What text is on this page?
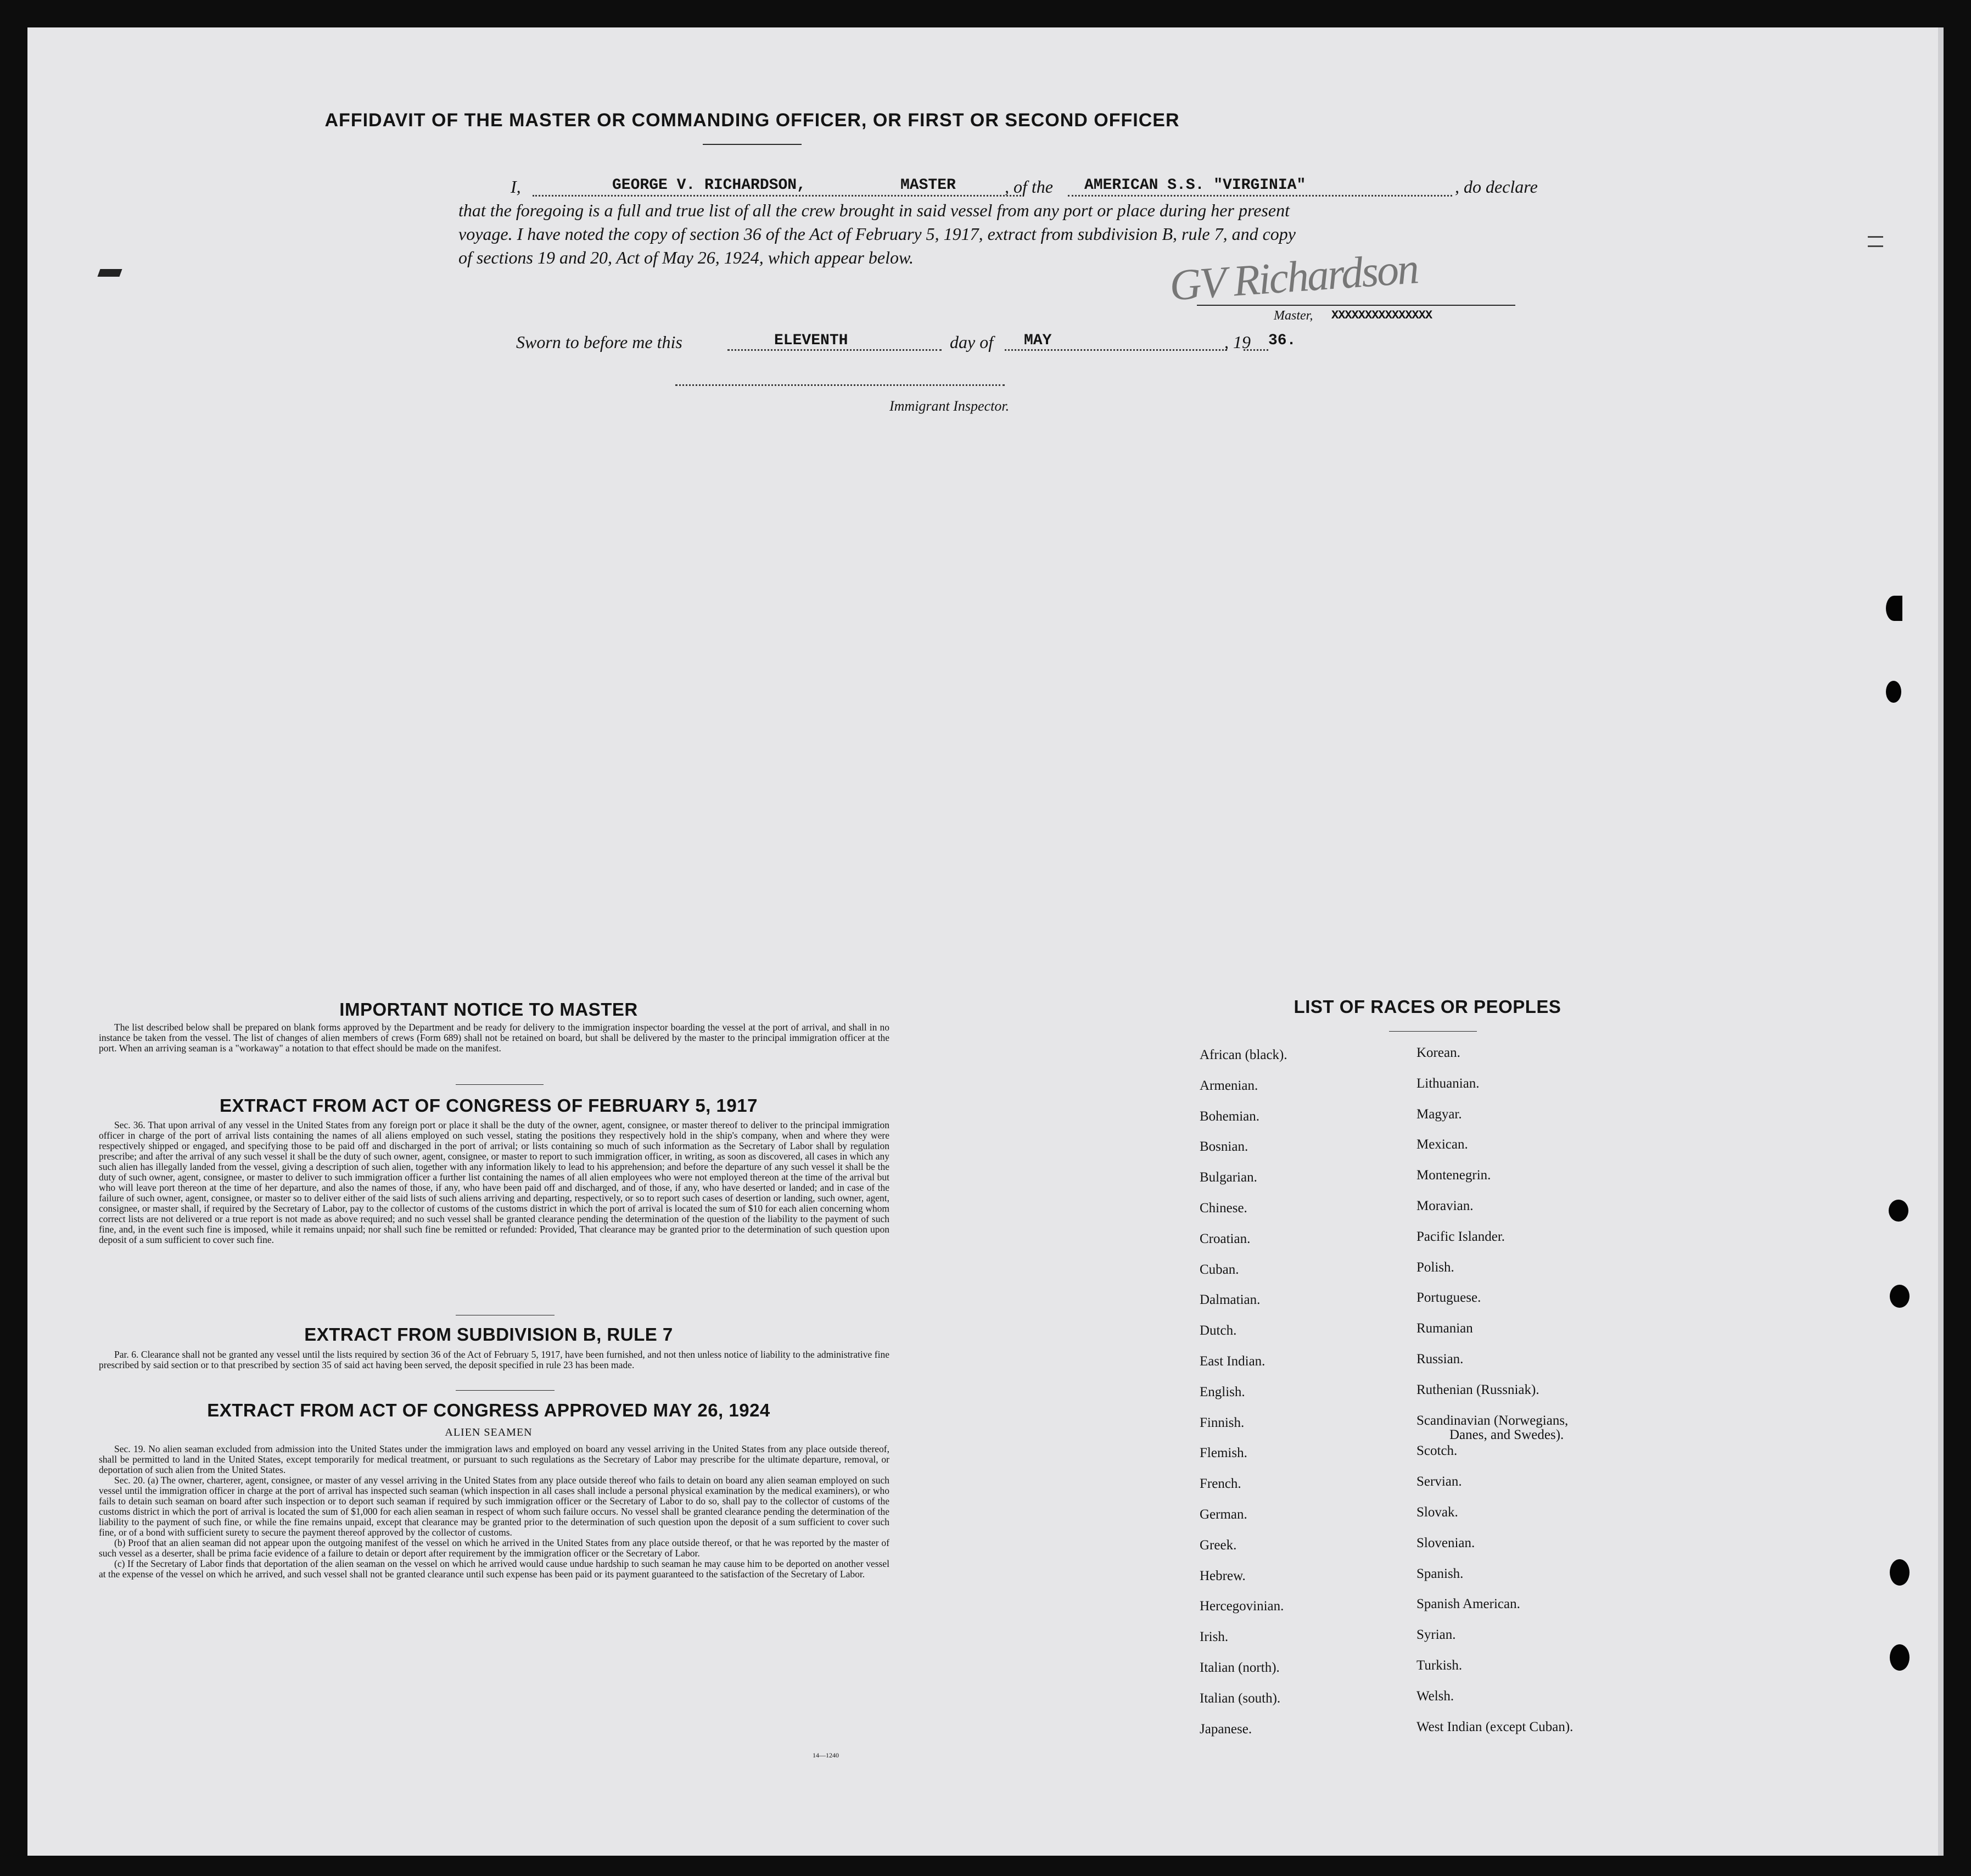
AFFIDAVIT OF THE MASTER OR COMMANDING OFFICER, OR FIRST OR SECOND OFFICER
I,	GEORGE V. RICHARDSON,	MASTER	, of the AMERICAN S.S. "VIRGINIA"	, do declare
that the foregoing is a full and true list of all the crew brought in said vessel from any port or place during her present
voyage. I have noted the copy of section 36 of the Act of February 5, 1917, extract from subdivision B, rule 7, and copy
of sections 19 and 20, Act of May 26, 1924, which appear below.	GV Richardson
Master, XXXXXXXXXXXXXXX
Sworn to before me this	ELEVENTH	day of MAY	, 19 36.
Immigrant Inspector.
IMPORTANT NOTICE TO MASTER

The list described below shall be prepared on blank forms approved by the Department and be ready for delivery to the immigration inspector boarding the vessel at the port of arrival, and shall in no instance be taken from the vessel. The list of changes of alien members of crews (Form 689) shall not be retained on board, but shall be delivered by the master to the principal immigration officer at the port. When an arriving seaman is a "workaway" a notation to that effect should be made on the manifest.

EXTRACT FROM ACT OF CONGRESS OF FEBRUARY 5, 1917

Sec. 36. That upon arrival of any vessel in the United States from any foreign port or place it shall be the duty of the owner, agent, consignee, or master thereof to deliver to the principal immigration officer in charge of the port of arrival lists containing the names of all aliens employed on such vessel, stating the positions they respectively hold in the ship's company, when and where they were respectively shipped or engaged, and specifying those to be paid off and discharged in the port of arrival; or lists containing so much of such information as the Secretary of Labor shall by regulation prescribe; and after the arrival of any such vessel it shall be the duty of such owner, agent, consignee, or master to report to such immigration officer, in writing, as soon as discovered, all cases in which any such alien has illegally landed from the vessel, giving a description of such alien, together with any information likely to lead to his apprehension; and before the departure of any such vessel it shall be the duty of such owner, agent, consignee, or master to deliver to such immigration officer a further list containing the names of all alien employees who were not employed thereon at the time of the arrival but who will leave port thereon at the time of her departure, and also the names of those, if any, who have been paid off and discharged, and of those, if any, who have deserted or landed; and in case of the failure of such owner, agent, consignee, or master so to deliver either of the said lists of such aliens arriving and departing, respectively, or so to report such cases of desertion or landing, such owner, agent, consignee, or master shall, if required by the Secretary of Labor, pay to the collector of customs of the customs district in which the port of arrival is located the sum of $10 for each alien concerning whom correct lists are not delivered or a true report is not made as above required; and no such vessel shall be granted clearance pending the determination of the question of the liability to the payment of such fine, and, in the event such fine is imposed, while it remains unpaid; nor shall such fine be remitted or refunded: Provided, That clearance may be granted prior to the determination of such question upon deposit of a sum sufficient to cover such fine.

EXTRACT FROM SUBDIVISION B, RULE 7

Par. 6. Clearance shall not be granted any vessel until the lists required by section 36 of the Act of February 5, 1917, have been furnished, and not then unless notice of liability to the administrative fine prescribed by said section or to that prescribed by section 35 of said act having been served, the deposit specified in rule 23 has been made.

EXTRACT FROM ACT OF CONGRESS APPROVED MAY 26, 1924
ALIEN SEAMEN

Sec. 19. No alien seaman excluded from admission into the United States under the immigration laws and employed on board any vessel arriving in the United States from any place outside thereof, shall be permitted to land in the United States, except temporarily for medical treatment, or pursuant to such regulations as the Secretary of Labor may prescribe for the ultimate departure, removal, or deportation of such alien from the United States.

Sec. 20. (a) The owner, charterer, agent, consignee, or master of any vessel arriving in the United States from any place outside thereof who fails to detain on board any alien seaman employed on such vessel until the immigration officer in charge at the port of arrival has inspected such seaman (which inspection in all cases shall include a personal physical examination by the medical examiners), or who fails to detain such seaman on board after such inspection or to deport such seaman if required by such immigration officer or the Secretary of Labor to do so, shall pay to the collector of customs of the customs district in which the port of arrival is located the sum of $1,000 for each alien seaman in respect of whom such failure occurs. No vessel shall be granted clearance pending the determination of the liability to the payment of such fine, or while the fine remains unpaid, except that clearance may be granted prior to the determination of such question upon the deposit of a sum sufficient to cover such fine, or of a bond with sufficient surety to secure the payment thereof approved by the collector of customs.

(b) Proof that an alien seaman did not appear upon the outgoing manifest of the vessel on which he arrived in the United States from any place outside thereof, or that he was reported by the master of such vessel as a deserter, shall be prima facie evidence of a failure to detain or deport after requirement by the immigration officer or the Secretary of Labor.

(c) If the Secretary of Labor finds that deportation of the alien seaman on the vessel on which he arrived would cause undue hardship to such seaman he may cause him to be deported on another vessel at the expense of the vessel on which he arrived, and such vessel shall not be granted clearance until such expense has been paid or its payment guaranteed to the satisfaction of the Secretary of Labor.

14—1240
LIST OF RACES OR PEOPLES
African (black).
Armenian.
Bohemian.
Bosnian.
Bulgarian.
Chinese.
Croatian.
Cuban.
Dalmatian.
Dutch.
East Indian.
English.
Finnish.
Flemish.
French.
German.
Greek.
Hebrew.
Hercegovinian.
Irish.
Italian (north).
Italian (south).
Japanese.
Korean.
Lithuanian.
Magyar.
Mexican.
Montenegrin.
Moravian.
Pacific Islander.
Polish.
Portuguese.
Rumanian
Russian.
Ruthenian (Russniak).
Scandinavian (Norwegians,
Danes, and Swedes).
Scotch.
Servian.
Slovak.
Slovenian.
Spanish.
Spanish American.
Syrian.
Turkish.
Welsh.
West Indian (except Cuban).
